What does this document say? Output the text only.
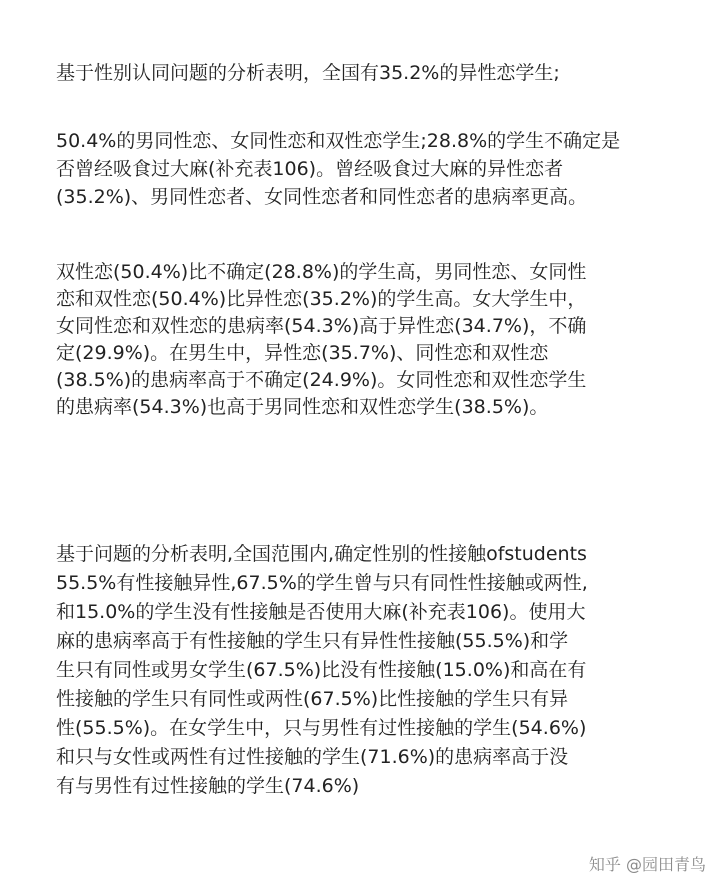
基于性别认同问题的分析表明，全国有35.2%的异性恋学生;
50.4%的男同性恋、女同性恋和双性恋学生;28.8%的学生不确定是
否曾经吸食过大麻(补充表106)。曾经吸食过大麻的异性恋者
(35.2%)、男同性恋者、女同性恋者和同性恋者的患病率更高。
双性恋(50.4%)比不确定(28.8%)的学生高，男同性恋、女同性
恋和双性恋(50.4%)比异性恋(35.2%)的学生高。女大学生中，
女同性恋和双性恋的患病率(54.3%)高于异性恋(34.7%)，不确
定(29.9%)。在男生中，异性恋(35.7%)、同性恋和双性恋
(38.5%)的患病率高于不确定(24.9%)。女同性恋和双性恋学生
的患病率(54.3%)也高于男同性恋和双性恋学生(38.5%)。
基于问题的分析表明,全国范围内,确定性别的性接触ofstudents
55.5%有性接触异性,67.5%的学生曾与只有同性性接触或两性,
和15.0%的学生没有性接触是否使用大麻(补充表106)。使用大
麻的患病率高于有性接触的学生只有异性性接触(55.5%)和学
生只有同性或男女学生(67.5%)比没有性接触(15.0%)和高在有
性接触的学生只有同性或两性(67.5%)比性接触的学生只有异
性(55.5%)。在女学生中，只与男性有过性接触的学生(54.6%)
和只与女性或两性有过性接触的学生(71.6%)的患病率高于没
有与男性有过性接触的学生(74.6%)
知乎 @园田青鸟
